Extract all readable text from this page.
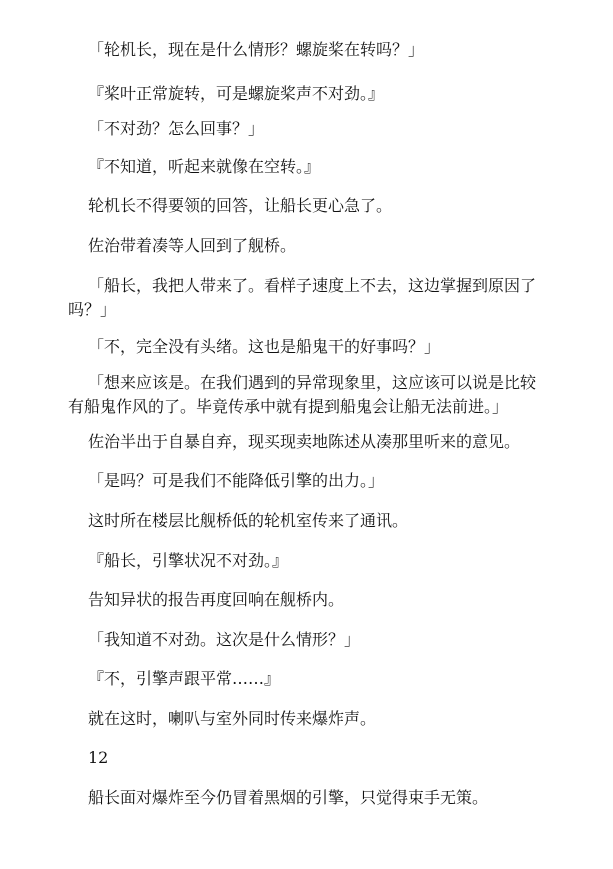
「轮机长，现在是什么情形？螺旋桨在转吗？」

『桨叶正常旋转，可是螺旋桨声不对劲。』

「不对劲？怎么回事？」

『不知道，听起来就像在空转。』

轮机长不得要领的回答，让船长更心急了。

佐治带着凑等人回到了舰桥。

「船长，我把人带来了。看样子速度上不去，这边掌握到原因了吗？」

「不，完全没有头绪。这也是船鬼干的好事吗？」

「想来应该是。在我们遇到的异常现象里，这应该可以说是比较有船鬼作风的了。毕竟传承中就有提到船鬼会让船无法前进。」

佐治半出于自暴自弃，现买现卖地陈述从凑那里听来的意见。

「是吗？可是我们不能降低引擎的出力。」

这时所在楼层比舰桥低的轮机室传来了通讯。

『船长，引擎状况不对劲。』

告知异状的报告再度回响在舰桥内。

「我知道不对劲。这次是什么情形？」

『不，引擎声跟平常……』

就在这时，喇叭与室外同时传来爆炸声。

12

船长面对爆炸至今仍冒着黑烟的引擎，只觉得束手无策。
